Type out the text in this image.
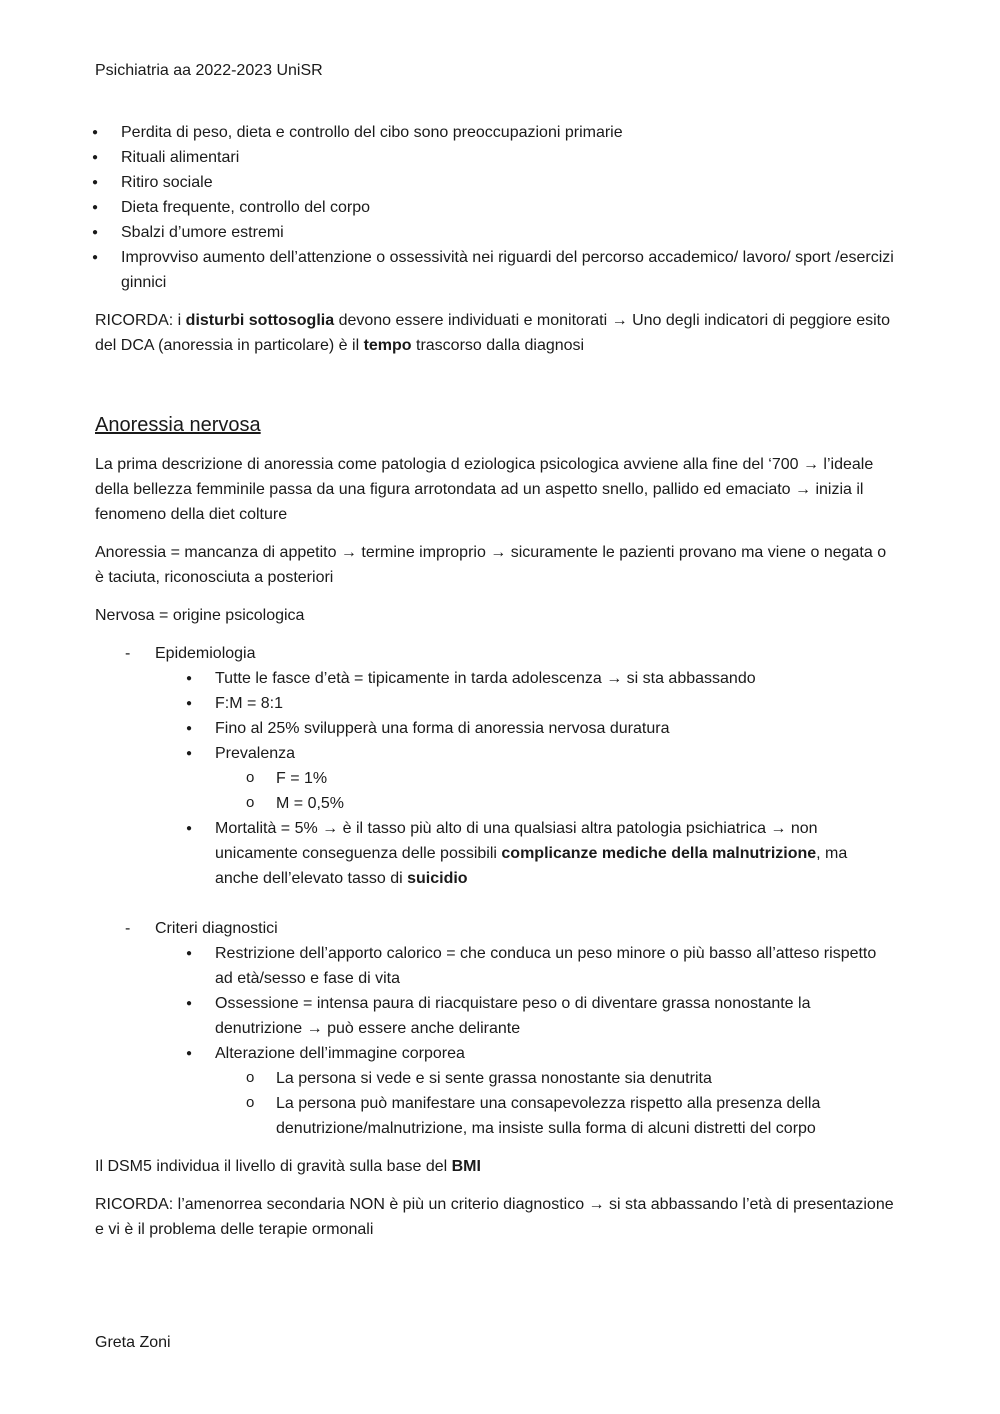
Psichiatria aa 2022-2023 UniSR
● Perdita di peso, dieta e controllo del cibo sono preoccupazioni primarie
● Rituali alimentari
● Ritiro sociale
● Dieta frequente, controllo del corpo
● Sbalzi d’umore estremi
● Improvviso aumento dell’attenzione o ossessività nei riguardi del percorso accademico/ lavoro/ sport /esercizi ginnici

RICORDA: i disturbi sottosoglia devono essere individuati e monitorati → Uno degli indicatori di peggiore esito del DCA (anoressia in particolare) è il tempo trascorso dalla diagnosi

Anoressia nervosa

La prima descrizione di anoressia come patologia d eziologica psicologica avviene alla fine del ‘700 → l’ideale della bellezza femminile passa da una figura arrotondata ad un aspetto snello, pallido ed emaciato → inizia il fenomeno della diet colture

Anoressia = mancanza di appetito → termine improprio → sicuramente le pazienti provano ma viene o negata o è taciuta, riconosciuta a posteriori

Nervosa = origine psicologica

- Epidemiologia
● Tutte le fasce d’età = tipicamente in tarda adolescenza → si sta abbassando
● F:M = 8:1
● Fino al 25% svilupperà una forma di anoressia nervosa duratura
● Prevalenza
o F = 1%
o M = 0,5%
● Mortalità = 5% → è il tasso più alto di una qualsiasi altra patologia psichiatrica → non unicamente conseguenza delle possibili complicanze mediche della malnutrizione, ma anche dell’elevato tasso di suicidio
- Criteri diagnostici
● Restrizione dell’apporto calorico = che conduca un peso minore o più basso all’atteso rispetto ad età/sesso e fase di vita
● Ossessione = intensa paura di riacquistare peso o di diventare grassa nonostante la denutrizione → può essere anche delirante
● Alterazione dell’immagine corporea
o La persona si vede e si sente grassa nonostante sia denutrita
o La persona può manifestare una consapevolezza rispetto alla presenza della denutrizione/malnutrizione, ma insiste sulla forma di alcuni distretti del corpo

Il DSM5 individua il livello di gravità sulla base del BMI

RICORDA: l’amenorrea secondaria NON è più un criterio diagnostico → si sta abbassando l’età di presentazione e vi è il problema delle terapie ormonali

Greta Zoni
